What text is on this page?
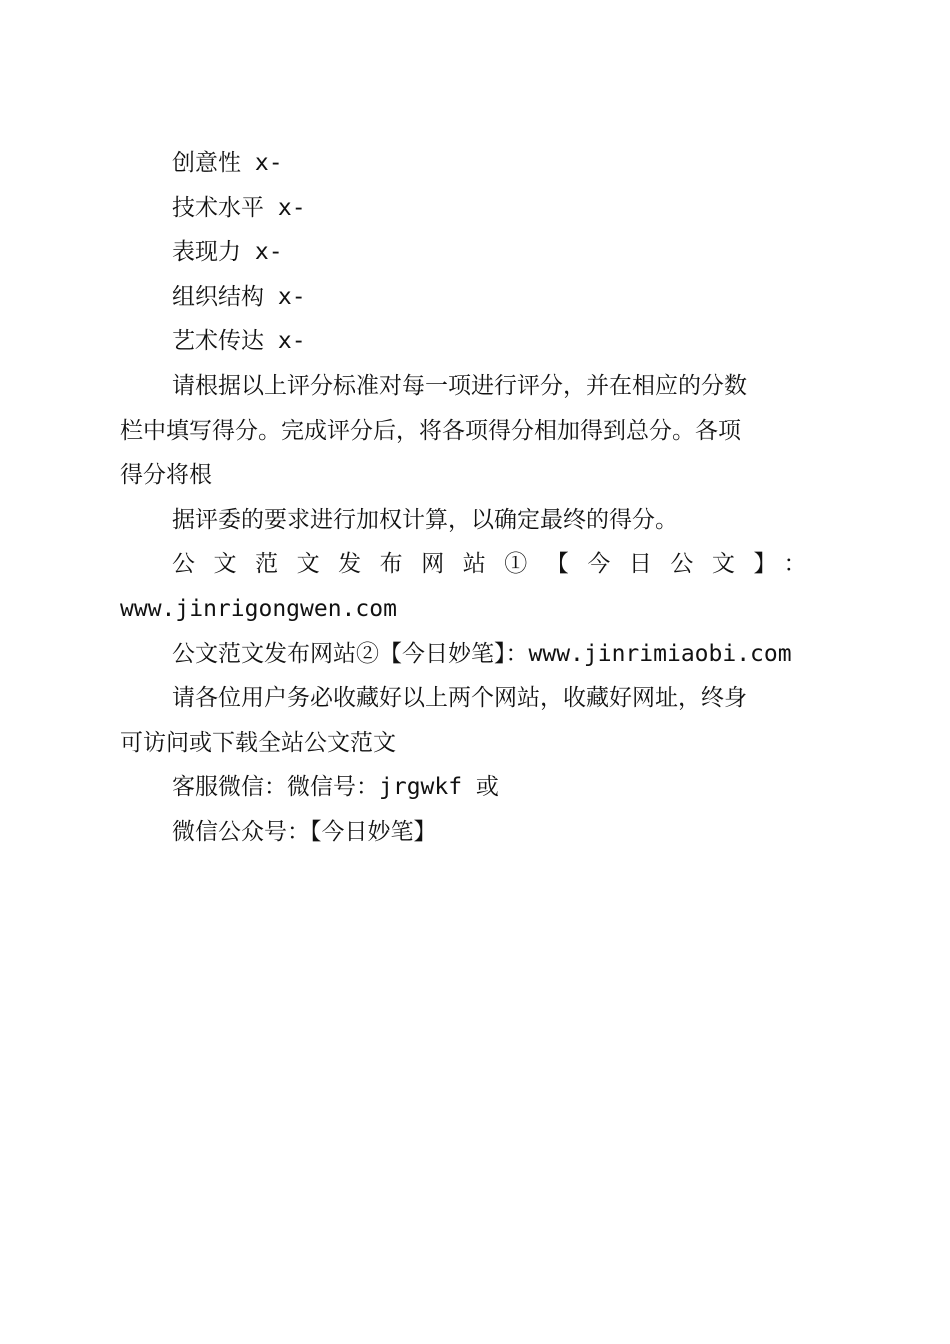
创意性 x-

技术水平 x-

表现力 x-

组织结构 x-

艺术传达 x-

请根据以上评分标准对每一项进行评分，并在相应的分数

栏中填写得分。完成评分后，将各项得分相加得到总分。各项

得分将根

据评委的要求进行加权计算，以确定最终的得分。

公文范文发布网站①【今日公文】：

www.jinrigongwen.com

公文范文发布网站②【今日妙笔】：www.jinrimiaobi.com

请各位用户务必收藏好以上两个网站，收藏好网址，终身

可访问或下载全站公文范文

客服微信：微信号：jrgwkf 或

微信公众号：【今日妙笔】
